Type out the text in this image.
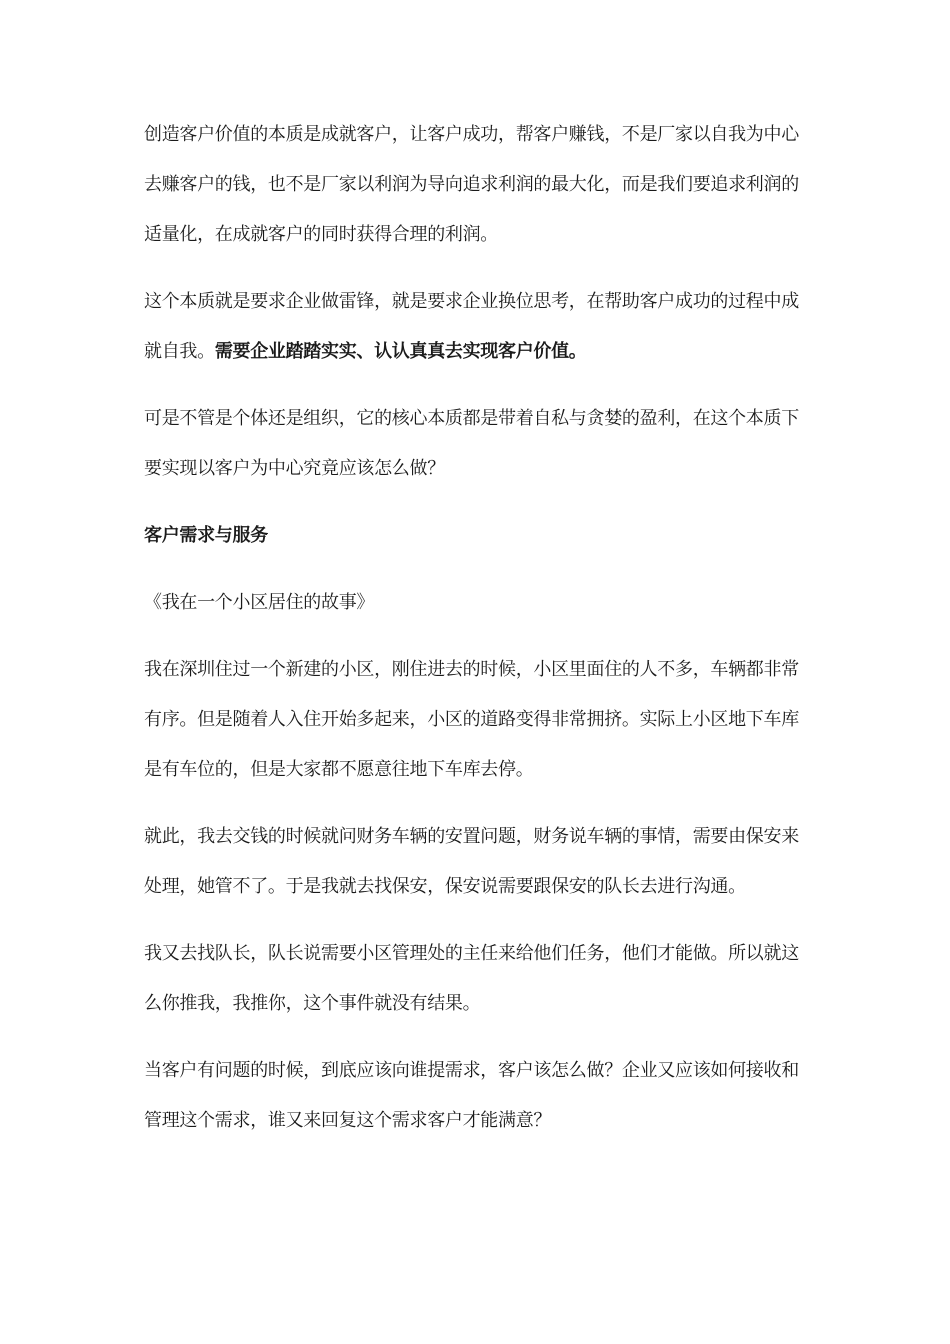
创造客户价值的本质是成就客户，让客户成功，帮客户赚钱，不是厂家以自我为中心去赚客户的钱，也不是厂家以利润为导向追求利润的最大化，而是我们要追求利润的适量化，在成就客户的同时获得合理的利润。

这个本质就是要求企业做雷锋，就是要求企业换位思考，在帮助客户成功的过程中成就自我。需要企业踏踏实实、认认真真去实现客户价值。

可是不管是个体还是组织，它的核心本质都是带着自私与贪婪的盈利，在这个本质下要实现以客户为中心究竟应该怎么做？

客户需求与服务

《我在一个小区居住的故事》

我在深圳住过一个新建的小区，刚住进去的时候，小区里面住的人不多，车辆都非常有序。但是随着人入住开始多起来，小区的道路变得非常拥挤。实际上小区地下车库是有车位的，但是大家都不愿意往地下车库去停。

就此，我去交钱的时候就问财务车辆的安置问题，财务说车辆的事情，需要由保安来处理，她管不了。于是我就去找保安，保安说需要跟保安的队长去进行沟通。

我又去找队长，队长说需要小区管理处的主任来给他们任务，他们才能做。所以就这么你推我，我推你，这个事件就没有结果。

当客户有问题的时候，到底应该向谁提需求，客户该怎么做？企业又应该如何接收和管理这个需求，谁又来回复这个需求客户才能满意？
